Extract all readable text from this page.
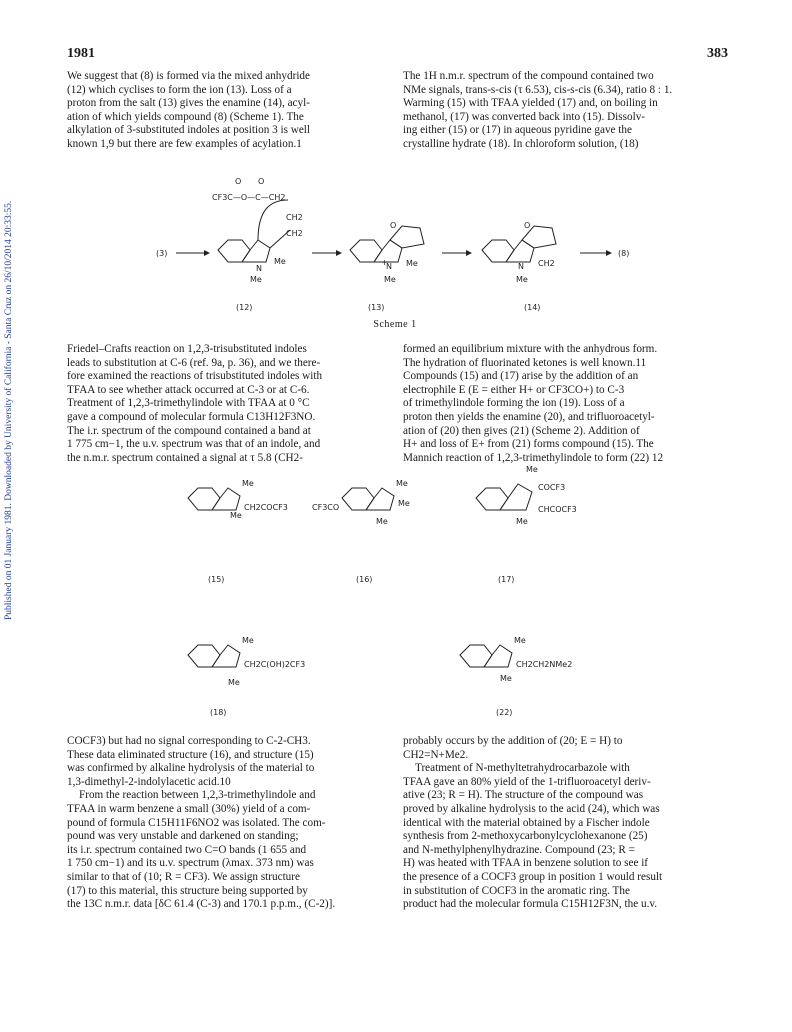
1981	383
Published on 01 January 1981. Downloaded by University of California - Santa Cruz on 26/10/2014 20:33:55.

We suggest that (8) is formed via the mixed anhydride
(12) which cyclises to form the ion (13). Loss of a
proton from the salt (13) gives the enamine (14), acyl-
ation of which yields compound (8) (Scheme 1). The
alkylation of 3-substituted indoles at position 3 is well
known 1,9 but there are few examples of acylation.1

The 1H n.m.r. spectrum of the compound contained two
NMe signals, trans-s-cis (τ 6.53), cis-s-cis (6.34), ratio 8 : 1.
Warming (15) with TFAA yielded (17) and, on boiling in
methanol, (17) was converted back into (15). Dissolv-
ing either (15) or (17) in aqueous pyridine gave the
crystalline hydrate (18). In chloroform solution, (18)

(3)
N
Me
Me
CF3C—O—C—CH2
O O
CH2
CH2
(12)
O
N
+
Me
Me
(13)
O
N
Me
CH2
(14)
(8)
Scheme 1

Friedel–Crafts reaction on 1,2,3-trisubstituted indoles
leads to substitution at C-6 (ref. 9a, p. 36), and we there-
fore examined the reactions of trisubstituted indoles with
TFAA to see whether attack occurred at C-3 or at C-6.
Treatment of 1,2,3-trimethylindole with TFAA at 0 °C
gave a compound of molecular formula C13H12F3NO.
The i.r. spectrum of the compound contained a band at
1 775 cm−1, the u.v. spectrum was that of an indole, and
the n.m.r. spectrum contained a signal at τ 5.8 (CH2-

formed an equilibrium mixture with the anhydrous form.
The hydration of fluorinated ketones is well known.11
Compounds (15) and (17) arise by the addition of an
electrophile E (E = either H+ or CF3CO+) to C-3
of trimethylindole forming the ion (19). Loss of a
proton then yields the enamine (20), and trifluoroacetyl-
ation of (20) then gives (21) (Scheme 2). Addition of
H+ and loss of E+ from (21) forms compound (15). The
Mannich reaction of 1,2,3-trimethylindole to form (22) 12

Me
CH2COCF3
Me
(15)
CF3CO
Me
Me
Me
(16)
Me
COCF3
CHCOCF3
Me
(17)
Me
CH2C(OH)2CF3
Me
(18)
Me
CH2CH2NMe2
Me
(22)

COCF3) but had no signal corresponding to C-2-CH3.
These data eliminated structure (16), and structure (15)
was confirmed by alkaline hydrolysis of the material to
1,3-dimethyl-2-indolylacetic acid.10
From the reaction between 1,2,3-trimethylindole and
TFAA in warm benzene a small (30%) yield of a com-
pound of formula C15H11F6NO2 was isolated. The com-
pound was very unstable and darkened on standing;
its i.r. spectrum contained two C=O bands (1 655 and
1 750 cm−1) and its u.v. spectrum (λmax. 373 nm) was
similar to that of (10; R = CF3). We assign structure
(17) to this material, this structure being supported by
the 13C n.m.r. data [δC 61.4 (C-3) and 170.1 p.p.m., (C-2)].

probably occurs by the addition of (20; E = H) to
CH2=N+Me2.
Treatment of N-methyltetrahydrocarbazole with
TFAA gave an 80% yield of the 1-trifluoroacetyl deriv-
ative (23; R = H). The structure of the compound was
proved by alkaline hydrolysis to the acid (24), which was
identical with the material obtained by a Fischer indole
synthesis from 2-methoxycarbonylcyclohexanone (25)
and N-methylphenylhydrazine. Compound (23; R =
H) was heated with TFAA in benzene solution to see if
the presence of a COCF3 group in position 1 would result
in substitution of COCF3 in the aromatic ring. The
product had the molecular formula C15H12F3N, the u.v.
